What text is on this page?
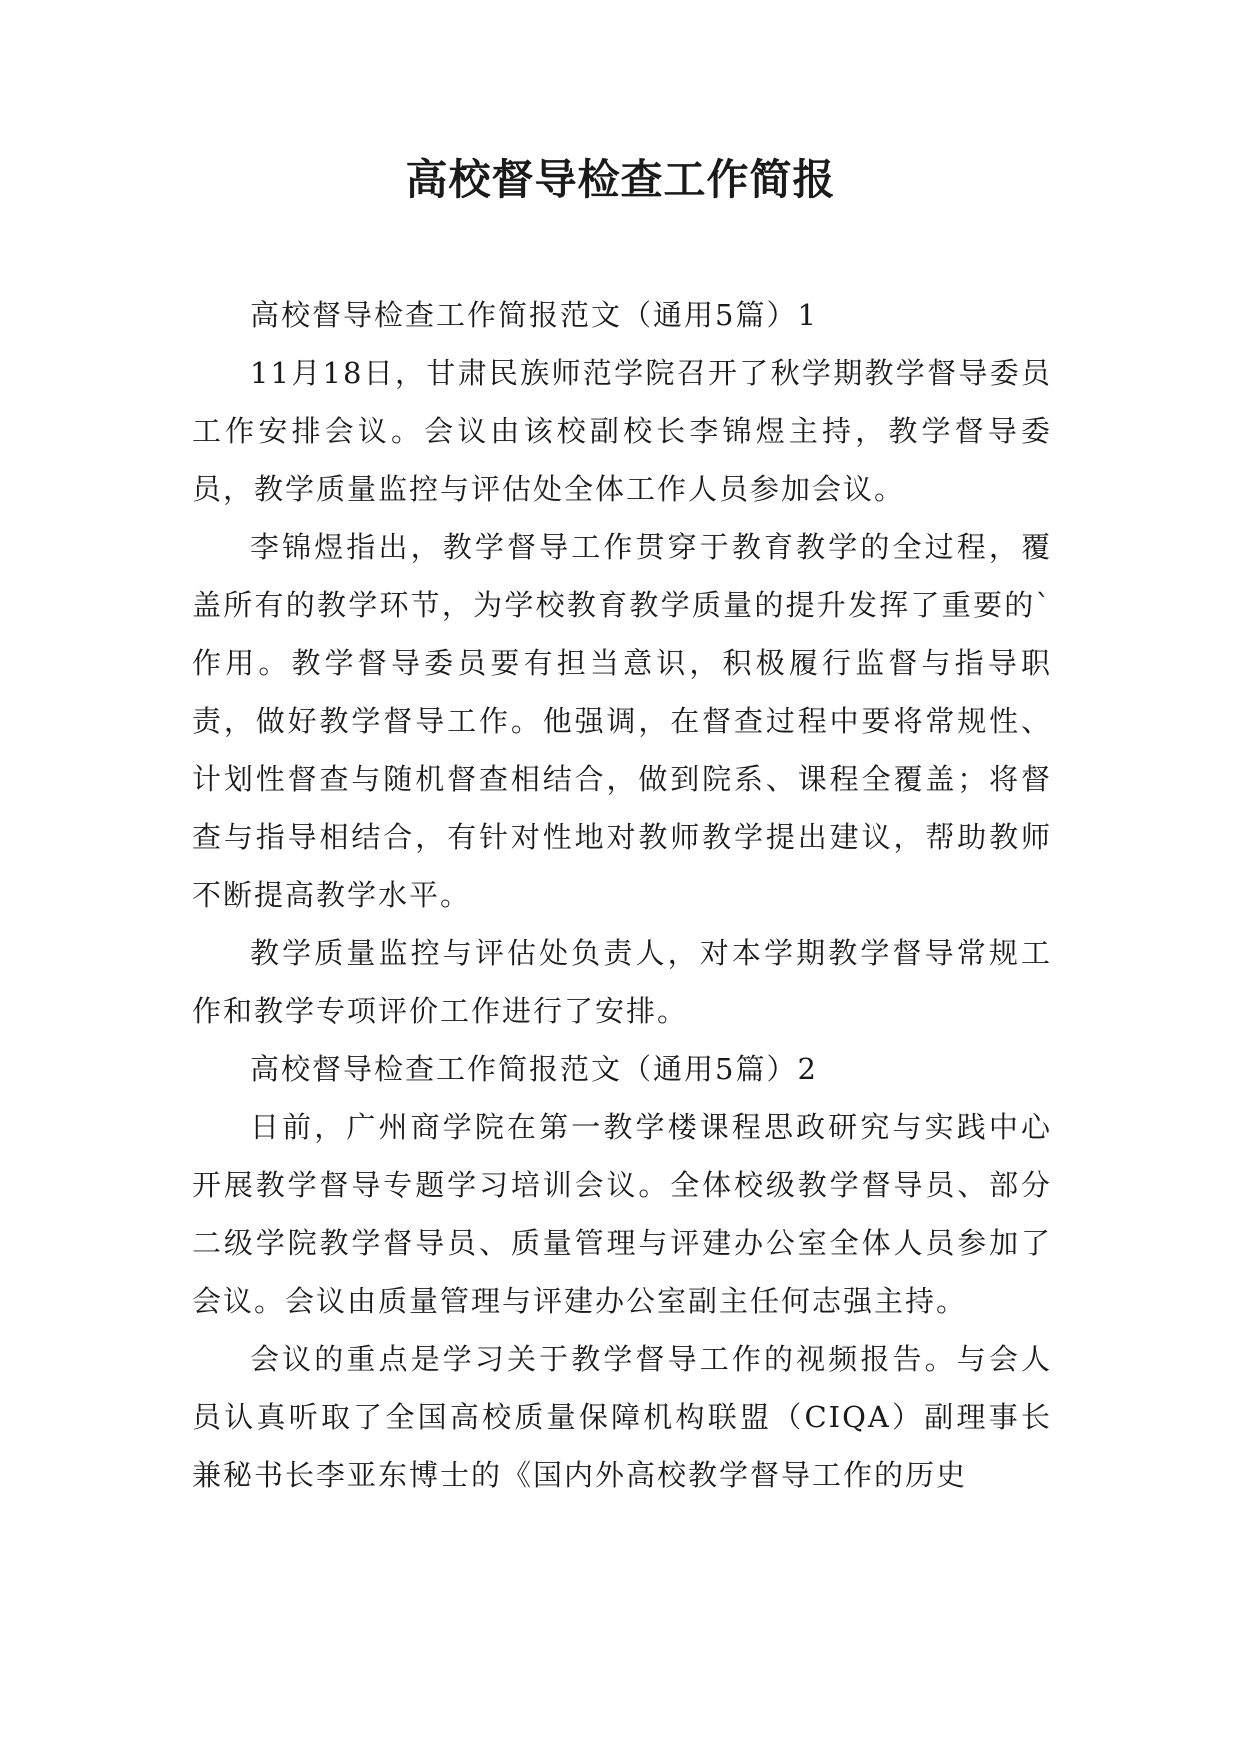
高校督导检查工作简报

高校督导检查工作简报范文（通用5篇）1

11月18日，甘肃民族师范学院召开了秋学期教学督导委员工作安排会议。会议由该校副校长李锦煜主持，教学督导委员，教学质量监控与评估处全体工作人员参加会议。

李锦煜指出，教学督导工作贯穿于教育教学的全过程，覆盖所有的教学环节，为学校教育教学质量的提升发挥了重要的`作用。教学督导委员要有担当意识，积极履行监督与指导职责，做好教学督导工作。他强调，在督查过程中要将常规性、计划性督查与随机督查相结合，做到院系、课程全覆盖；将督查与指导相结合，有针对性地对教师教学提出建议，帮助教师不断提高教学水平。

教学质量监控与评估处负责人，对本学期教学督导常规工作和教学专项评价工作进行了安排。

高校督导检查工作简报范文（通用5篇）2

日前，广州商学院在第一教学楼课程思政研究与实践中心开展教学督导专题学习培训会议。全体校级教学督导员、部分二级学院教学督导员、质量管理与评建办公室全体人员参加了会议。会议由质量管理与评建办公室副主任何志强主持。

会议的重点是学习关于教学督导工作的视频报告。与会人员认真听取了全国高校质量保障机构联盟（CIQA）副理事长兼秘书长李亚东博士的《国内外高校教学督导工作的历史
